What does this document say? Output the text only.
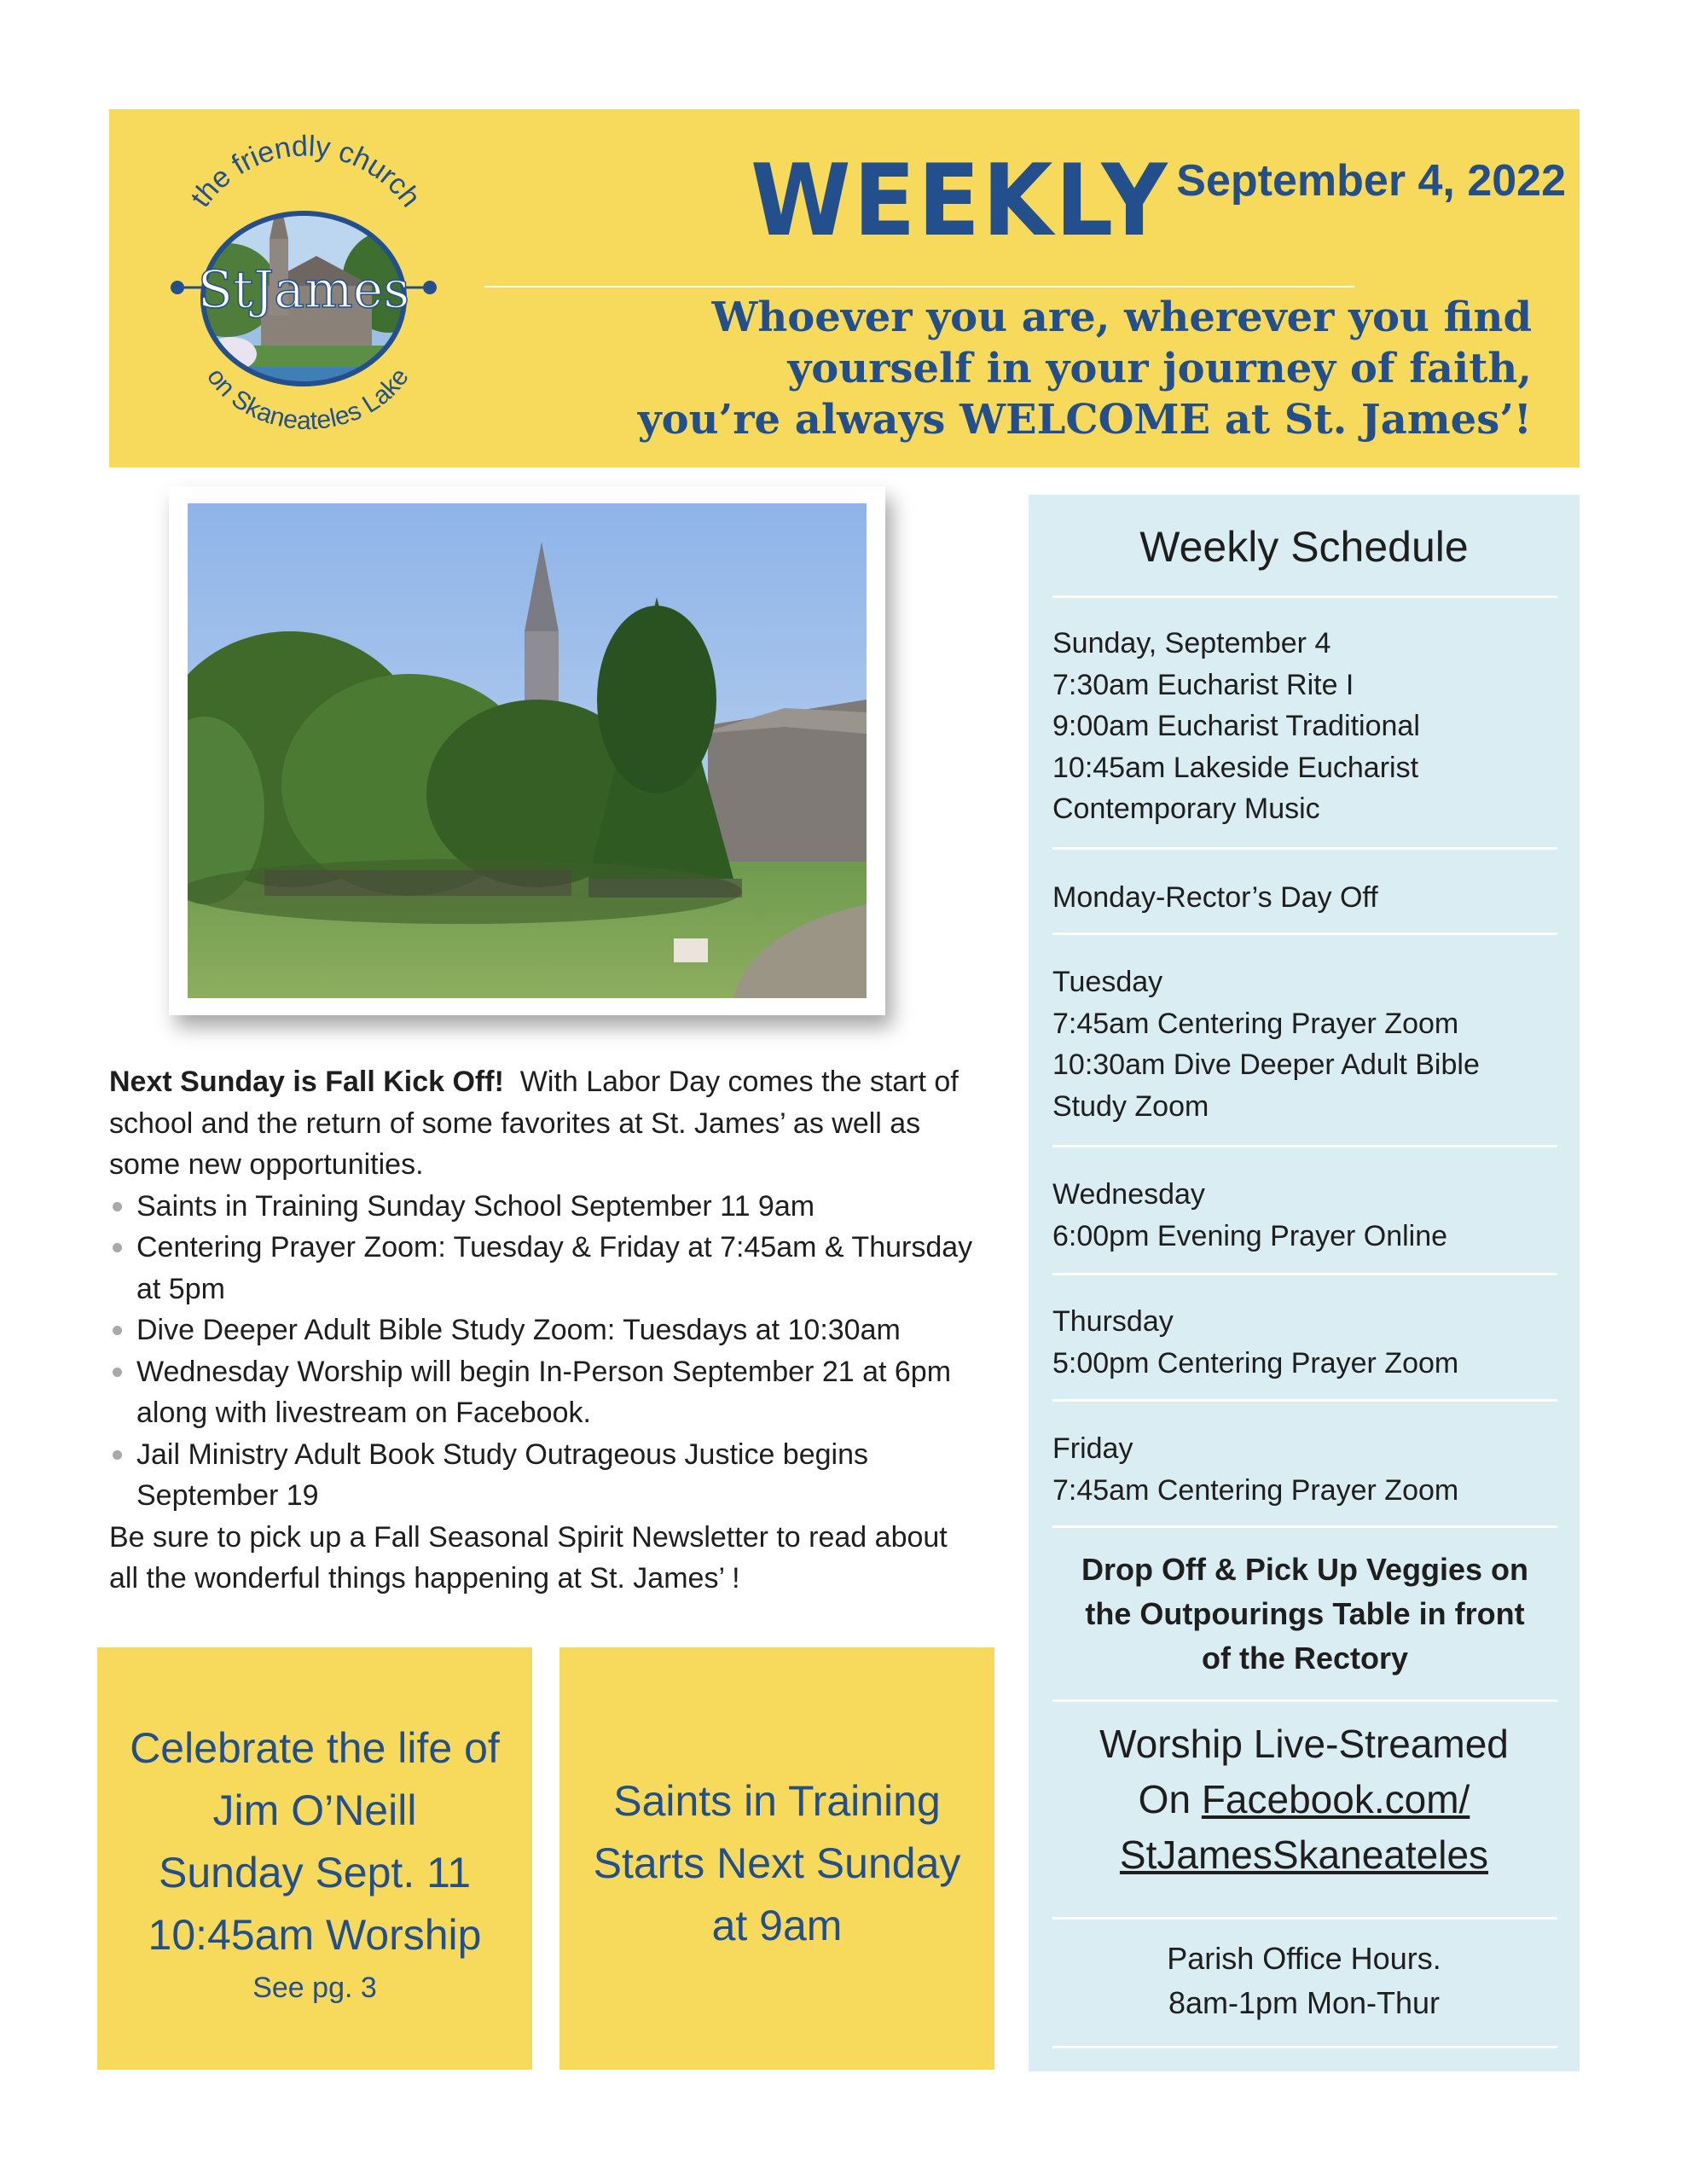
the friendly church
StJames
on Skaneateles Lake
WEEKLY September 4, 2022
Whoever you are, wherever you find
yourself in your journey of faith,
you’re always WELCOME at St. James’!

Next Sunday is Fall Kick Off!  With Labor Day comes the start of school and the return of some favorites at St. James’ as well as some new opportunities.

Saints in Training Sunday School September 11 9am
Centering Prayer Zoom: Tuesday & Friday at 7:45am & Thursday at 5pm
Dive Deeper Adult Bible Study Zoom: Tuesdays at 10:30am
Wednesday Worship will begin In-Person September 21 at 6pm along with livestream on Facebook.
Jail Ministry Adult Book Study Outrageous Justice begins September 19

Be sure to pick up a Fall Seasonal Spirit Newsletter to read about all the wonderful things happening at St. James’ !

Celebrate the life of
Jim O’Neill
Sunday Sept. 11
10:45am Worship
See pg. 3
Saints in Training
Starts Next Sunday
at 9am
Weekly Schedule
Sunday, September 4
7:30am Eucharist Rite I
9:00am Eucharist Traditional
10:45am Lakeside Eucharist
Contemporary Music
Monday-Rector’s Day Off
Tuesday
7:45am Centering Prayer Zoom
10:30am Dive Deeper Adult Bible
Study Zoom
Wednesday
6:00pm Evening Prayer Online
Thursday
5:00pm Centering Prayer Zoom
Friday
7:45am Centering Prayer Zoom
Drop Off & Pick Up Veggies on
the Outpourings Table in front
of the Rectory
Worship Live-Streamed
On Facebook.com/
StJamesSkaneateles
Parish Office Hours.
8am-1pm Mon-Thur
